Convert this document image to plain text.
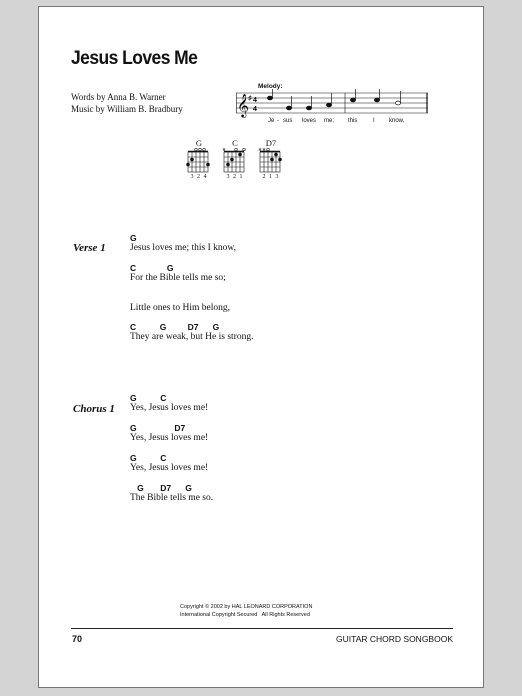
Jesus Loves Me
Words by Anna B. Warner
Music by William B. Bradbury
Melody:
𝄞 ♯ 4
4
Je - sus loves me; this	I know,
G
3 2 4
C
3 2 1
D7
2 1 3
Verse 1
G
Jesus loves me; this I know,
C             G
For the Bible tells me so;
Little ones to Him belong,
C          G         D7      G
They are weak, but He is strong.
Chorus 1
G          C
Yes, Jesus loves me!
G                D7
Yes, Jesus loves me!
G          C
Yes, Jesus loves me!
G       D7      G
The Bible tells me so.
Copyright © 2002 by HAL LEONARD CORPORATION
International Copyright Secured   All Rights Reserved
70	GUITAR CHORD SONGBOOK
